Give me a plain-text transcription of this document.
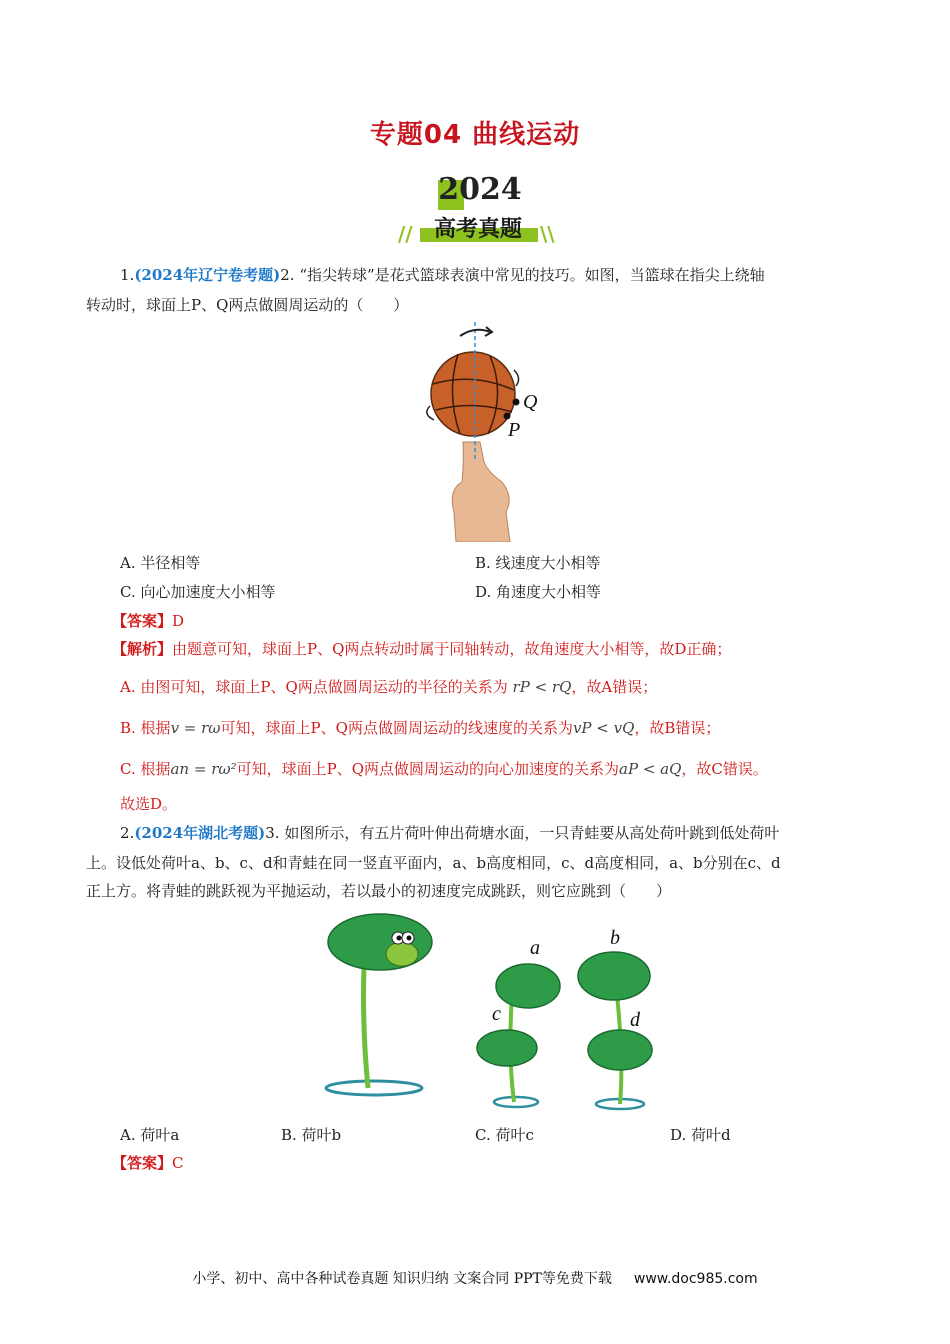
专题04 曲线运动
2024
//	\\
高考真题
1.(2024年辽宁卷考题)2. “指尖转球”是花式篮球表演中常见的技巧。如图，当篮球在指尖上绕轴
转动时，球面上P、Q两点做圆周运动的（　　）
Q
P
A. 半径相等	B. 线速度大小相等
C. 向心加速度大小相等	D. 角速度大小相等
【答案】D
【解析】由题意可知，球面上P、Q两点转动时属于同轴转动，故角速度大小相等，故D正确；
A. 由图可知，球面上P、Q两点做圆周运动的半径的关系为 rP < rQ，故A错误；
B. 根据v = rω可知，球面上P、Q两点做圆周运动的线速度的关系为vP < vQ，故B错误；
C. 根据an = rω²可知，球面上P、Q两点做圆周运动的向心加速度的关系为aP < aQ，故C错误。
故选D。
2.(2024年湖北考题)3. 如图所示，有五片荷叶伸出荷塘水面，一只青蛙要从高处荷叶跳到低处荷叶
上。设低处荷叶a、b、c、d和青蛙在同一竖直平面内，a、b高度相同，c、d高度相同，a、b分别在c、d
正上方。将青蛙的跳跃视为平抛运动，若以最小的初速度完成跳跃，则它应跳到（　　）
a
c
b
d
A. 荷叶a	B. 荷叶b	C. 荷叶c	D. 荷叶d
【答案】C
小学、初中、高中各种试卷真题 知识归纳 文案合同 PPT等免费下载 www.doc985.com
